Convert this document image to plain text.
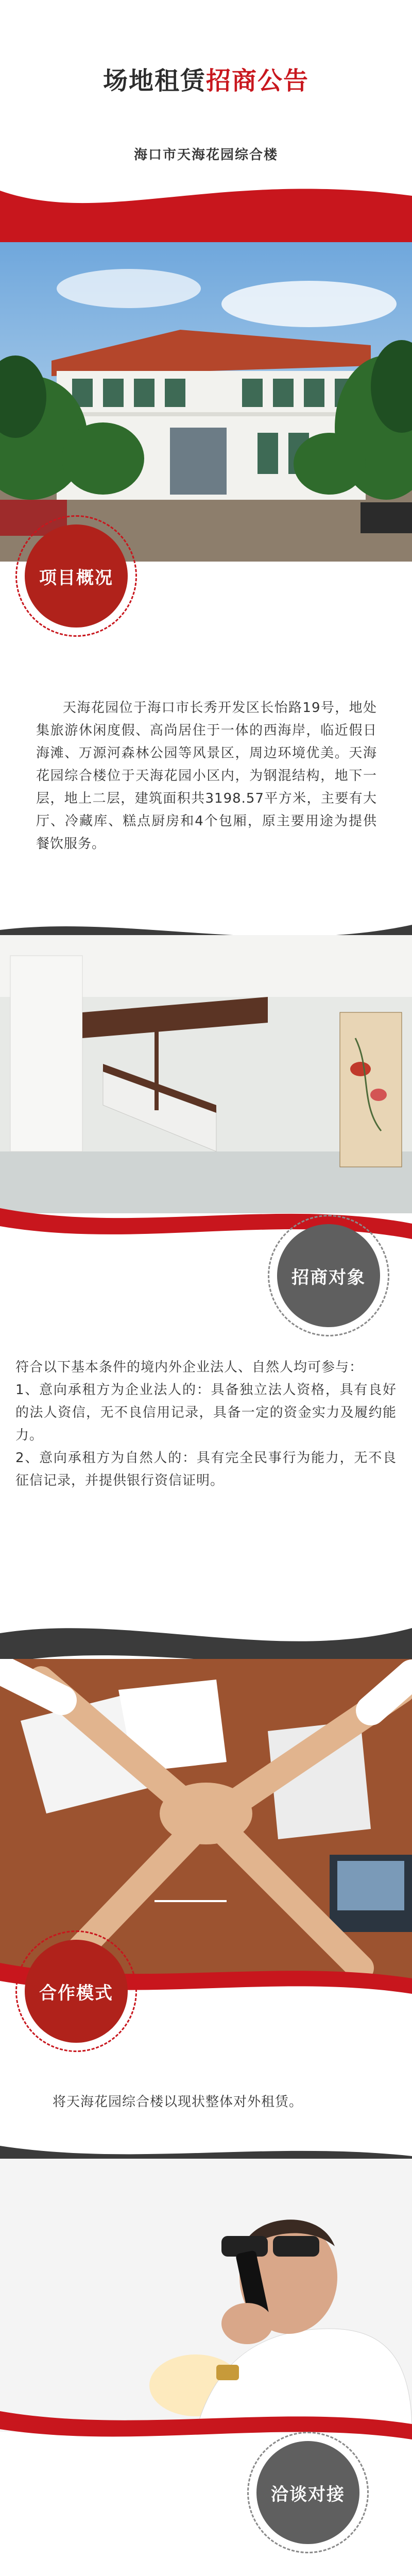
场地租赁招商公告
海口市天海花园综合楼
项目概况
天海花园位于海口市长秀开发区长怡路19号，地处集旅游休闲度假、高尚居住于一体的西海岸，临近假日海滩、万源河森林公园等风景区，周边环境优美。天海花园综合楼位于天海花园小区内，为钢混结构，地下一层，地上二层，建筑面积共3198.57平方米，主要有大厅、冷藏库、糕点厨房和4个包厢，原主要用途为提供餐饮服务。
招商对象
符合以下基本条件的境内外企业法人、自然人均可参与：
1、意向承租方为企业法人的：具备独立法人资格，具有良好的法人资信，无不良信用记录，具备一定的资金实力及履约能力。
2、意向承租方为自然人的：具有完全民事行为能力，无不良征信记录，并提供银行资信证明。
合作模式
将天海花园综合楼以现状整体对外租赁。
洽谈对接
